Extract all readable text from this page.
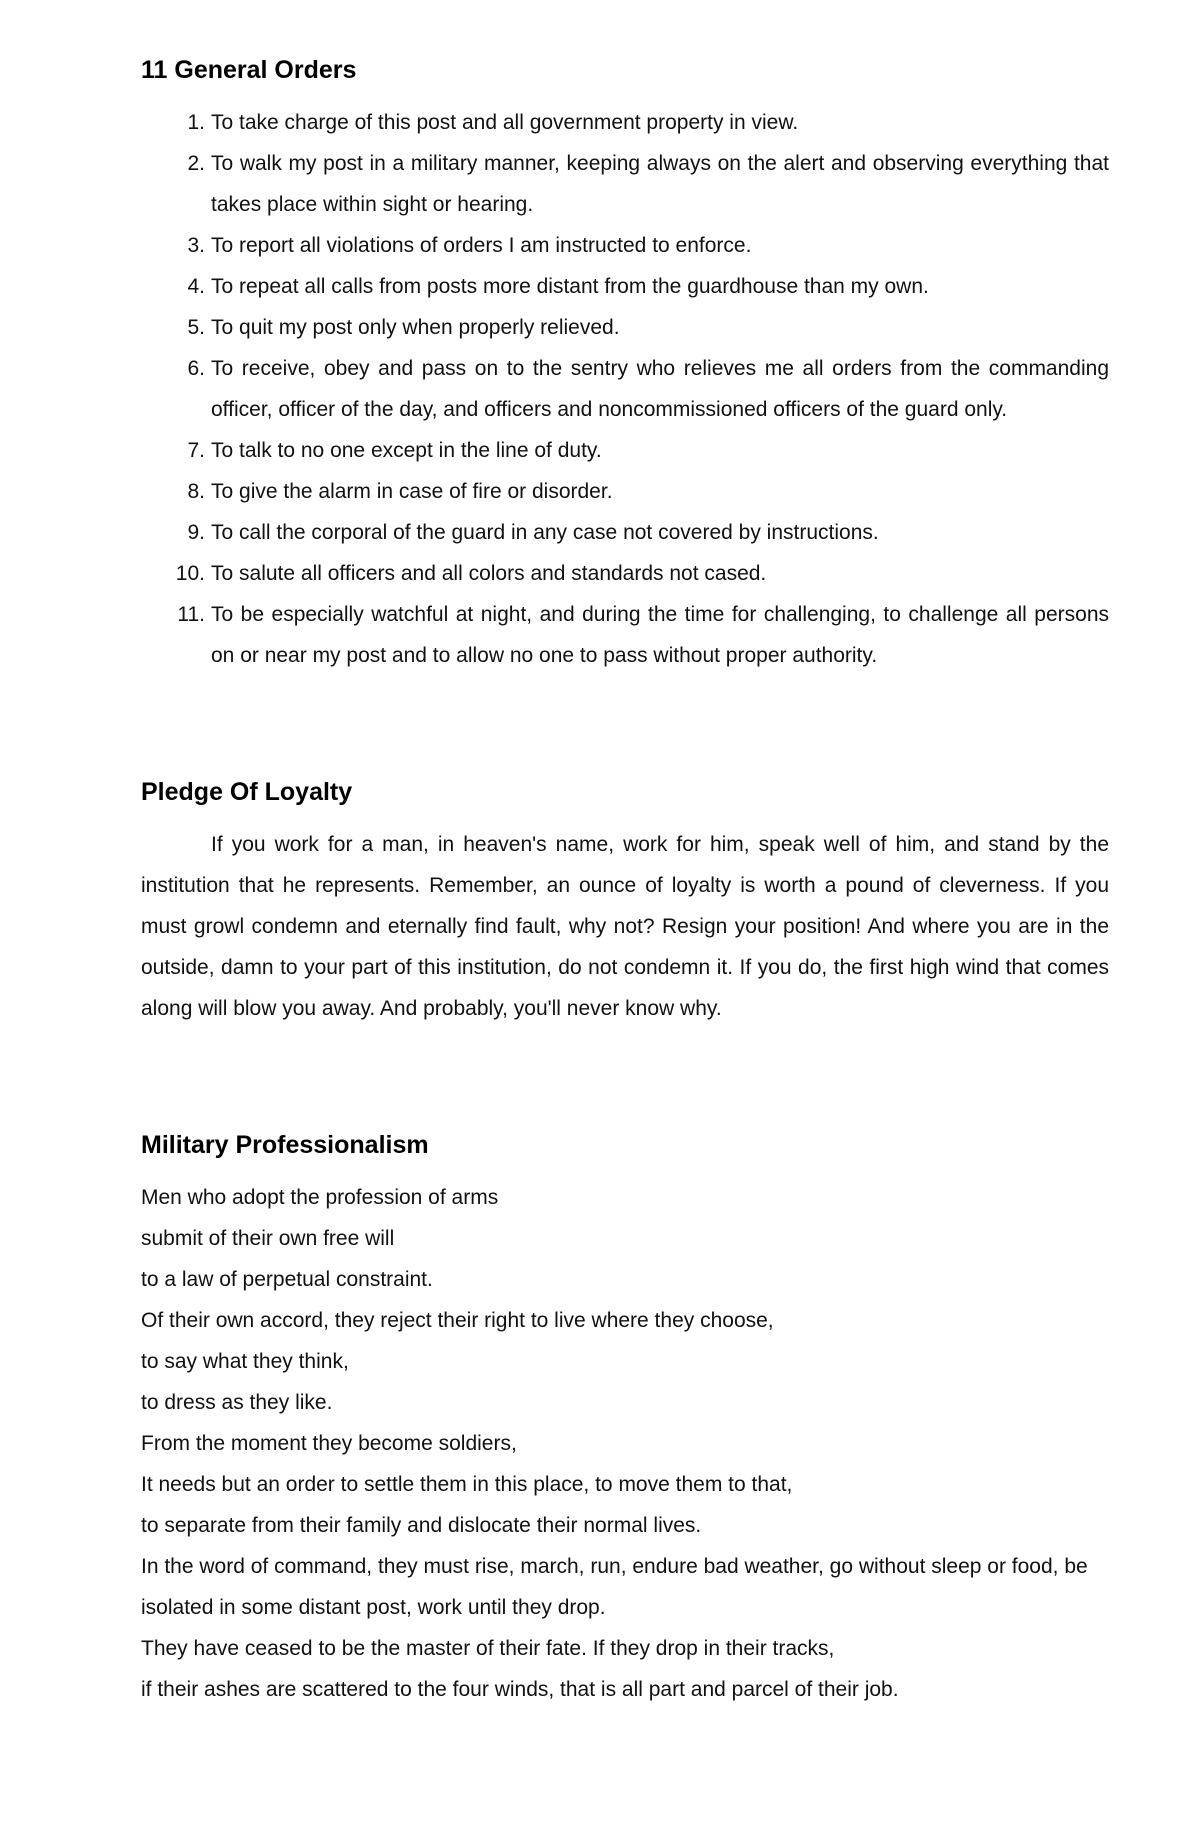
11 General Orders
1. To take charge of this post and all government property in view.
2. To walk my post in a military manner, keeping always on the alert and observing everything that takes place within sight or hearing.
3. To report all violations of orders I am instructed to enforce.
4. To repeat all calls from posts more distant from the guardhouse than my own.
5. To quit my post only when properly relieved.
6. To receive, obey and pass on to the sentry who relieves me all orders from the commanding officer, officer of the day, and officers and noncommissioned officers of the guard only.
7. To talk to no one except in the line of duty.
8. To give the alarm in case of fire or disorder.
9. To call the corporal of the guard in any case not covered by instructions.
10. To salute all officers and all colors and standards not cased.
11. To be especially watchful at night, and during the time for challenging, to challenge all persons on or near my post and to allow no one to pass without proper authority.
Pledge Of Loyalty

If you work for a man, in heaven's name, work for him, speak well of him, and stand by the institution that he represents. Remember, an ounce of loyalty is worth a pound of cleverness. If you must growl condemn and eternally find fault, why not? Resign your position! And where you are in the outside, damn to your part of this institution, do not condemn it. If you do, the first high wind that comes along will blow you away. And probably, you'll never know why.

Military Professionalism

Men who adopt the profession of arms

submit of their own free will

to a law of perpetual constraint.

Of their own accord, they reject their right to live where they choose,

to say what they think,

to dress as they like.

From the moment they become soldiers,

It needs but an order to settle them in this place, to move them to that,

to separate from their family and dislocate their normal lives.

In the word of command, they must rise, march, run, endure bad weather, go without sleep or food, be isolated in some distant post, work until they drop.

They have ceased to be the master of their fate. If they drop in their tracks,

if their ashes are scattered to the four winds, that is all part and parcel of their job.
